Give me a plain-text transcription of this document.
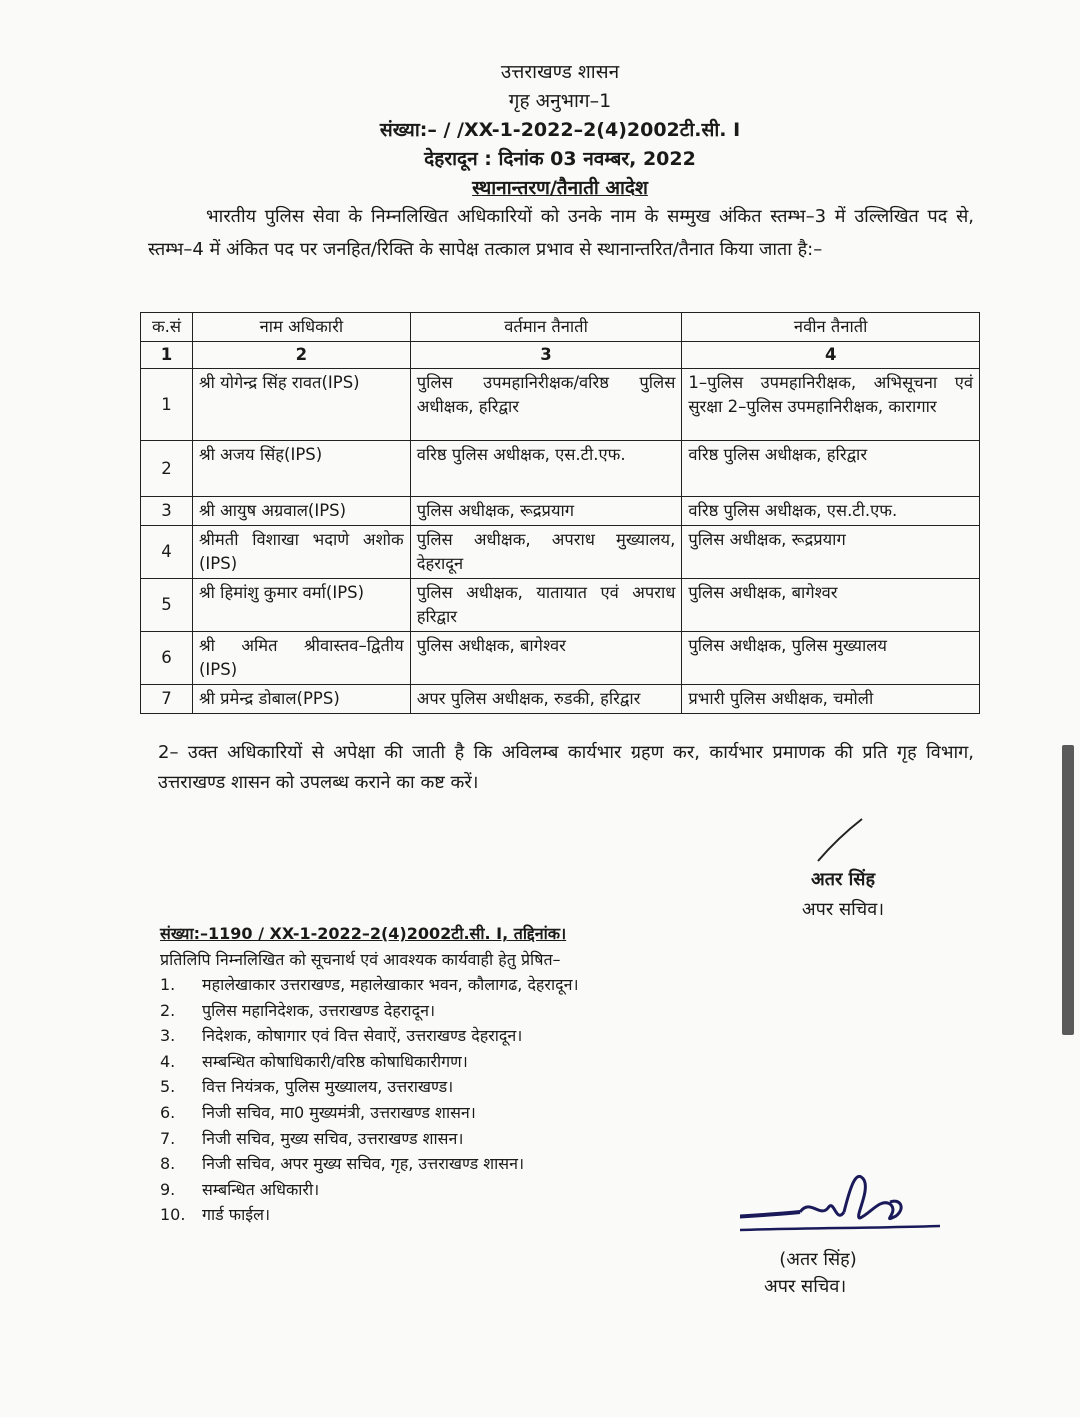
उत्तराखण्ड शासन
गृह अनुभाग–1
संख्या:– / /XX-1-2022–2(4)2002टी.सी. I
देहरादून : दिनांक 03 नवम्बर, 2022
स्थानान्तरण/तैनाती आदेश
भारतीय पुलिस सेवा के निम्नलिखित अधिकारियों को उनके नाम के सम्मुख अंकित स्तम्भ–3 में उल्लिखित पद से, स्तम्भ–4 में अंकित पद पर जनहित/रिक्ति के सापेक्ष तत्काल प्रभाव से स्थानान्तरित/तैनात किया जाता है:–
क.सं	नाम अधिकारी	वर्तमान तैनाती	नवीन तैनाती
1	2	3	4
1	श्री योगेन्द्र सिंह रावत(IPS)	पुलिस उपमहानिरीक्षक/वरिष्ठ पुलिस अधीक्षक, हरिद्वार	1–पुलिस उपमहानिरीक्षक, अभिसूचना एवं सुरक्षा 2–पुलिस उपमहानिरीक्षक, कारागार
2	श्री अजय सिंह(IPS)	वरिष्ठ पुलिस अधीक्षक, एस.टी.एफ.	वरिष्ठ पुलिस अधीक्षक, हरिद्वार
3	श्री आयुष अग्रवाल(IPS)	पुलिस अधीक्षक, रूद्रप्रयाग	वरिष्ठ पुलिस अधीक्षक, एस.टी.एफ.
4	श्रीमती विशाखा भदाणे अशोक (IPS)	पुलिस अधीक्षक, अपराध मुख्यालय, देहरादून	पुलिस अधीक्षक, रूद्रप्रयाग
5	श्री हिमांशु कुमार वर्मा(IPS)	पुलिस अधीक्षक, यातायात एवं अपराध हरिद्वार	पुलिस अधीक्षक, बागेश्वर
6	श्री अमित श्रीवास्तव–द्वितीय (IPS)	पुलिस अधीक्षक, बागेश्वर	पुलिस अधीक्षक, पुलिस मुख्यालय
7	श्री प्रमेन्द्र डोबाल(PPS)	अपर पुलिस अधीक्षक, रुडकी, हरिद्वार	प्रभारी पुलिस अधीक्षक, चमोली
2– उक्त अधिकारियों से अपेक्षा की जाती है कि अविलम्ब कार्यभार ग्रहण कर, कार्यभार प्रमाणक की प्रति गृह विभाग, उत्तराखण्ड शासन को उपलब्ध कराने का कष्ट करें।
अतर सिंह
अपर सचिव।
संख्या:–1190 / XX-1-2022–2(4)2002टी.सी. I, तद्दिनांक।
प्रतिलिपि निम्नलिखित को सूचनार्थ एवं आवश्यक कार्यवाही हेतु प्रेषित–
1. महालेखाकार उत्तराखण्ड, महालेखाकार भवन, कौलागढ, देहरादून।
2. पुलिस महानिदेशक, उत्तराखण्ड देहरादून।
3. निदेशक, कोषागार एवं वित्त सेवाऐं, उत्तराखण्ड देहरादून।
4. सम्बन्धित कोषाधिकारी/वरिष्ठ कोषाधिकारीगण।
5. वित्त नियंत्रक, पुलिस मुख्यालय, उत्तराखण्ड।
6. निजी सचिव, मा0 मुख्यमंत्री, उत्तराखण्ड शासन।
7. निजी सचिव, मुख्य सचिव, उत्तराखण्ड शासन।
8. निजी सचिव, अपर मुख्य सचिव, गृह, उत्तराखण्ड शासन।
9. सम्बन्धित अधिकारी।
10. गार्ड फाईल।
(अतर सिंह)
अपर सचिव।
